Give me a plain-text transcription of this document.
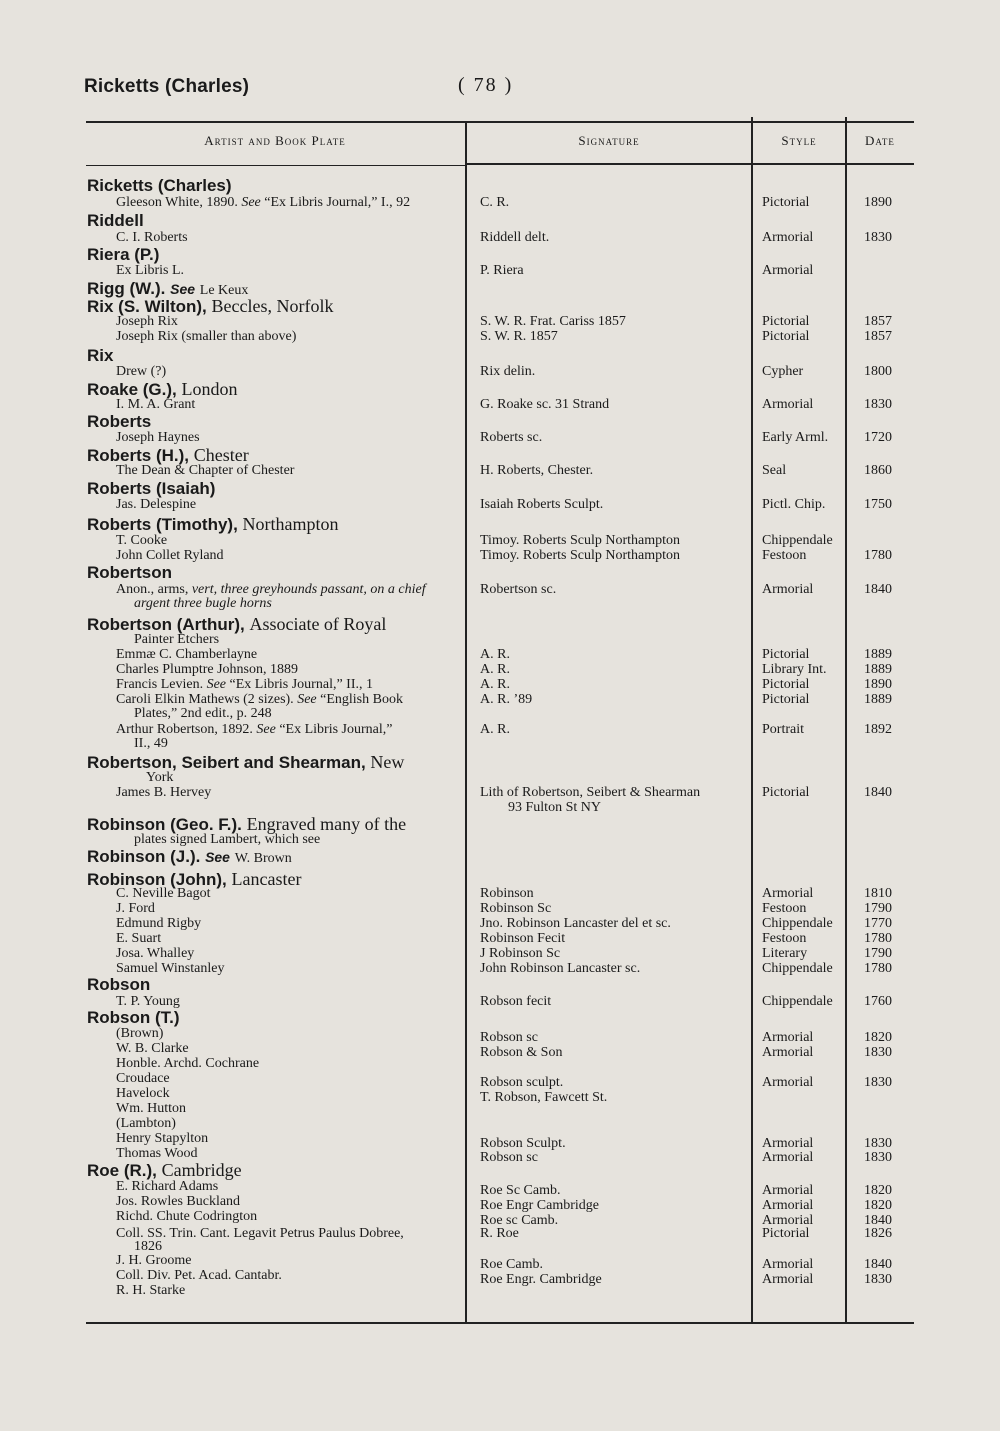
Ricketts (Charles)	( 78 )
Artist and Book Plate	Signature	Style	Date
Ricketts (Charles)
Gleeson White, 1890. See “Ex Libris Journal,” I., 92	C. R.	Pictorial	1890
Riddell
C. I. Roberts	Riddell delt.	Armorial	1830
Riera (P.)
Ex Libris L.	P. Riera	Armorial
Rigg (W.). See Le Keux
Rix (S. Wilton), Beccles, Norfolk
Joseph Rix	S. W. R. Frat. Cariss 1857	Pictorial	1857
Joseph Rix (smaller than above)	S. W. R. 1857	Pictorial	1857
Rix
Drew (?)	Rix delin.	Cypher	1800
Roake (G.), London
I. M. A. Grant	G. Roake sc. 31 Strand	Armorial	1830
Roberts
Joseph Haynes	Roberts sc.	Early Arml.	1720
Roberts (H.), Chester
The Dean & Chapter of Chester	H. Roberts, Chester.	Seal	1860
Roberts (Isaiah)
Jas. Delespine	Isaiah Roberts Sculpt.	Pictl. Chip.	1750
Roberts (Timothy), Northampton
T. Cooke	Timoy. Roberts Sculp Northampton	Chippendale
John Collet Ryland	Timoy. Roberts Sculp Northampton	Festoon	1780
Robertson
Anon., arms, vert, three greyhounds passant, on a chief	Robertson sc.	Armorial	1840
argent three bugle horns
Robertson (Arthur), Associate of Royal
Painter Etchers
Emmæ C. Chamberlayne	A. R.	Pictorial	1889
Charles Plumptre Johnson, 1889	A. R.	Library Int.	1889
Francis Levien. See “Ex Libris Journal,” II., 1	A. R.	Pictorial	1890
Caroli Elkin Mathews (2 sizes). See “English Book	A. R. ’89	Pictorial	1889
Plates,” 2nd edit., p. 248
Arthur Robertson, 1892. See “Ex Libris Journal,”	A. R.	Portrait	1892
II., 49
Robertson, Seibert and Shearman, New
York
James B. Hervey	Lith of Robertson, Seibert & Shearman	Pictorial	1840
93 Fulton St NY
Robinson (Geo. F.). Engraved many of the
plates signed Lambert, which see
Robinson (J.). See W. Brown
Robinson (John), Lancaster
C. Neville Bagot	Robinson	Armorial	1810
J. Ford	Robinson Sc	Festoon	1790
Edmund Rigby	Jno. Robinson Lancaster del et sc.	Chippendale 1770
E. Suart	Robinson Fecit	Festoon	1780
Josa. Whalley	J Robinson Sc	Literary	1790
Samuel Winstanley	John Robinson Lancaster sc.	Chippendale 1780
Robson
T. P. Young	Robson fecit	Chippendale 1760
Robson (T.)
(Brown)	Robson sc	Armorial	1820
W. B. Clarke	Robson & Son	Armorial	1830
Honble. Archd. Cochrane
Croudace	Robson sculpt.	Armorial	1830
Havelock	T. Robson, Fawcett St.
Wm. Hutton
(Lambton)
Henry Stapylton	Robson Sculpt.	Armorial	1830
Thomas Wood	Robson sc	Armorial	1830
Roe (R.), Cambridge
E. Richard Adams	Roe Sc Camb.	Armorial	1820
Jos. Rowles Buckland	Roe Engr Cambridge	Armorial	1820
Richd. Chute Codrington	Roe sc Camb.	Armorial	1840
Coll. SS. Trin. Cant. Legavit Petrus Paulus Dobree,	R. Roe	Pictorial	1826
1826
J. H. Groome	Roe Camb.	Armorial	1840
Coll. Div. Pet. Acad. Cantabr.	Roe Engr. Cambridge	Armorial	1830
R. H. Starke
